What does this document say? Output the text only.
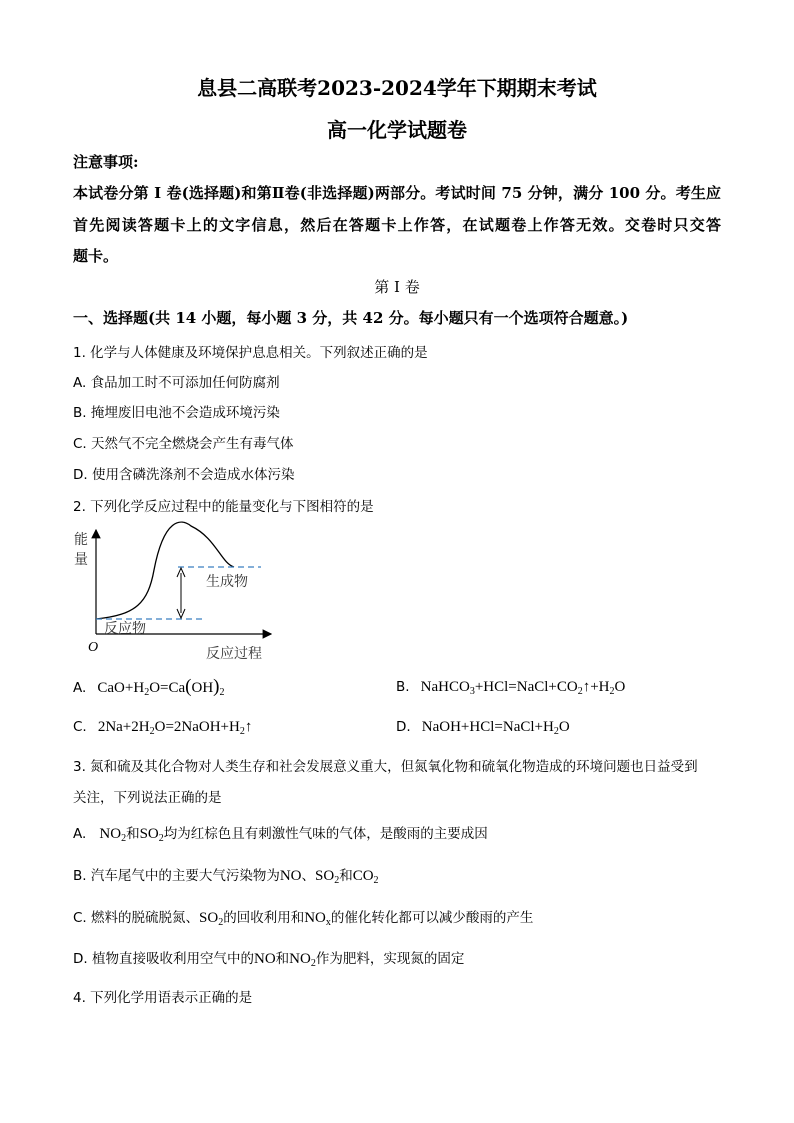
息县二高联考2023-2024学年下期期末考试
高一化学试题卷
注意事项:
本试卷分第 I 卷(选择题)和第Ⅱ卷(非选择题)两部分。考试时间 75 分钟，满分 100 分。考生应
首先阅读答题卡上的文字信息，然后在答题卡上作答，在试题卷上作答无效。交卷时只交答
题卡。
第 I 卷
一、选择题(共 14 小题，每小题 3 分，共 42 分。每小题只有一个选项符合题意。)
1. 化学与人体健康及环境保护息息相关。下列叙述正确的是
A. 食品加工时不可添加任何防腐剂
B. 掩埋废旧电池不会造成环境污染
C. 天然气不完全燃烧会产生有毒气体
D. 使用含磷洗涤剂不会造成水体污染
2. 下列化学反应过程中的能量变化与下图相符的是
能
量
O	反应过程
反应物
生成物
A. $CaO+H_2O=Ca(OH)_2$	B. $NaHCO_3+HCl=NaCl+CO_2↑+H_2O$
C. $2Na+2H_2O=2NaOH+H_2↑$	D. $NaOH+HCl=NaCl+H_2O$
3. 氮和硫及其化合物对人类生存和社会发展意义重大，但氮氧化物和硫氧化物造成的环境问题也日益受到
关注，下列说法正确的是
A. $NO_2$和$SO_2$均为红棕色且有刺激性气味的气体，是酸雨的主要成因
B. 汽车尾气中的主要大气污染物为NO、$SO_2$和$CO_2$
C. 燃料的脱硫脱氮、$SO_2$的回收利用和$NO_x$的催化转化都可以减少酸雨的产生
D. 植物直接吸收利用空气中的NO和$NO_2$作为肥料，实现氮的固定
4. 下列化学用语表示正确的是
